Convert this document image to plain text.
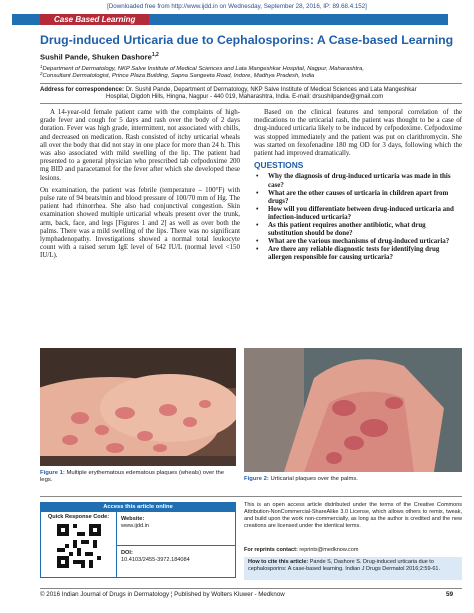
[Downloaded free from http://www.ijdd.in on Wednesday, September 28, 2016, IP: 89.68.4.152]
Case Based Learning
Drug-induced Urticaria due to Cephalosporins: A Case-based Learning
Sushil Pande, Shuken Dashore$^{1,2}$
$^1$Department of Dermatology, NKP Salve Institute of Medical Sciences and Lata Mangeshkar Hospital, Nagpur, Maharashtra,
$^2$Consultant Dermatologist, Prince Plaza Building, Sapna Sangeeta Road, Indore, Madhya Pradesh, India
Address for correspondence: Dr. Sushil Pande, Department of Dermatology, NKP Salve Institute of Medical Sciences and Lata Mangeshkar
Hospital, Digdoh Hills, Hingna, Nagpur - 440 019, Maharashtra, India. E-mail: drsushilpande@gmail.com

A 14-year-old female patient came with the complaints of high-grade fever and cough for 5 days and rash over the body of 2 days duration. Fever was high grade, intermittent, not associated with chills, and decreased on medication. Rash consisted of itchy urticarial wheals all over the body that did not stay in one place for more than 24 h. This was also associated with mild swelling of the lip. The patient had presented to a general physician who prescribed tab cefpodoxime 200 mg BID and paracetamol for the fever after which she developed these lesions.

On examination, the patient was febrile (temperature – 100°F) with pulse rate of 94 beats/min and blood pressure of 100/70 mm of Hg. The patient had rhinorrhea. She also had conjunctival congestion. Skin examination showed multiple urticarial wheals present over the trunk, arm, back, face, and legs [Figures 1 and 2] as well as over both the palms. There was a mild swelling of the lips. There was no significant lymphadenopathy. Investigations showed a normal total leukocyte count with a raised serum IgE level of 642 IU/L (normal level <150 IU/L).

Based on the clinical features and temporal correlation of the medications to the urticarial rash, the patient was thought to be a case of drug-induced urticaria likely to be induced by cefpodoxime. Cefpodoxime was stopped immediately and the patient was put on clarithromycin. She was started on fexofenadine 180 mg OD for 3 days, following which the patient had improved dramatically.

QUESTIONS
• Why the diagnosis of drug-induced urticaria was made in this case?
• What are the other causes of urticaria in children apart from drugs?
• How will you differentiate between drug-induced urticaria and infection-induced urticaria?
• As this patient requires another antibiotic, what drug substitution should be done?
• What are the various mechanisms of drug-induced urticaria?
• Are there any reliable diagnostic tests for identifying drug allergen responsible for causing urticaria?
Figure 1: Multiple erythematous edematous plaques (wheals) over the legs.	Figure 2: Urticarial plaques over the palms.
Access this article online
Quick Response Code:	Website:
www.ijdd.in
DOI:
10.4103/2455-3972.184084
This is an open access article distributed under the terms of the Creative Commons Attribution-NonCommercial-ShareAlike 3.0 License, which allows others to remix, tweak, and build upon the work non-commercially, as long as the author is credited and the new creations are licensed under the identical terms.
For reprints contact: reprints@medknow.com
How to cite this article: Pande S, Dashore S. Drug-induced urticaria due to cephalosporins: A case-based learning. Indian J Drugs Dermatol 2016;2:59-61.
© 2016 Indian Journal of Drugs in Dermatology ¦ Published by Wolters Kluwer - Medknow	59
